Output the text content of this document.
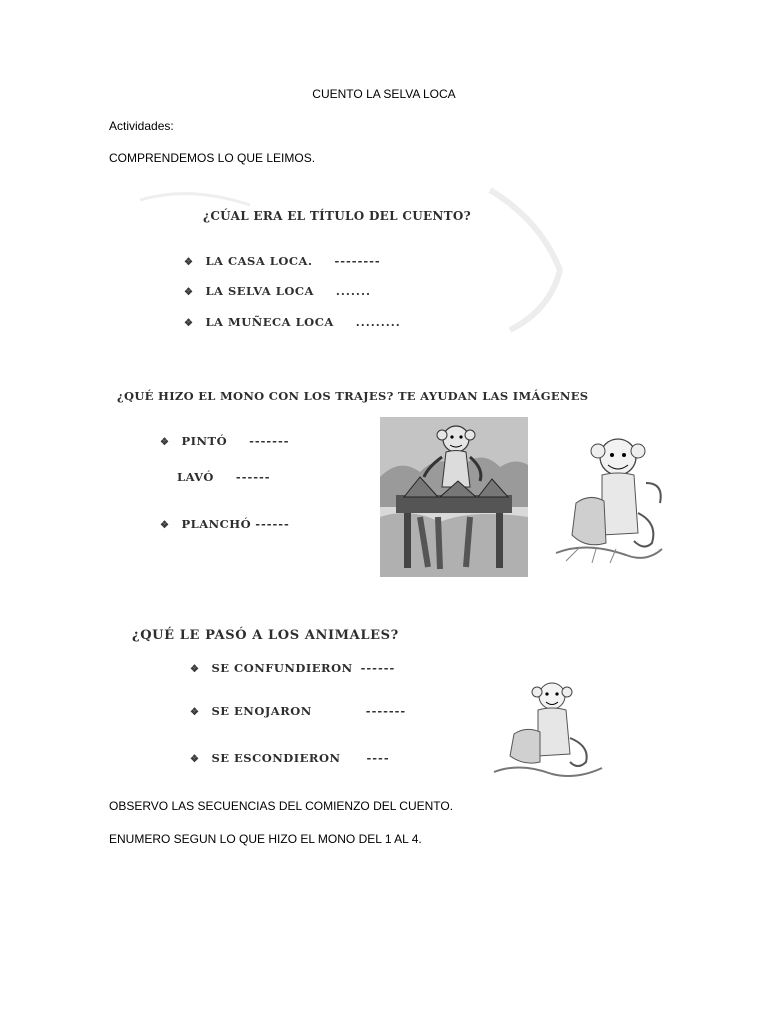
CUENTO LA SELVA LOCA
Actividades:
COMPRENDEMOS LO QUE LEIMOS.
¿CÚAL ERA EL TÍTULO DEL CUENTO?
❖ LA CASA LOCA. --------
❖ LA SELVA LOCA .......
❖ LA MUÑECA LOCA .........
¿QUÉ HIZO EL MONO CON LOS TRAJES? TE AYUDAN LAS IMÁGENES
❖ PINTÓ -------
LAVÓ ------
❖ PLANCHÓ ------
¿QUÉ LE PASÓ A LOS ANIMALES?
❖ SE CONFUNDIERON ------
❖ SE ENOJARON	-------
❖ SE ESCONDIERON ----
OBSERVO LAS SECUENCIAS DEL COMIENZO DEL CUENTO.
ENUMERO SEGUN LO QUE HIZO EL MONO DEL 1 AL 4.
